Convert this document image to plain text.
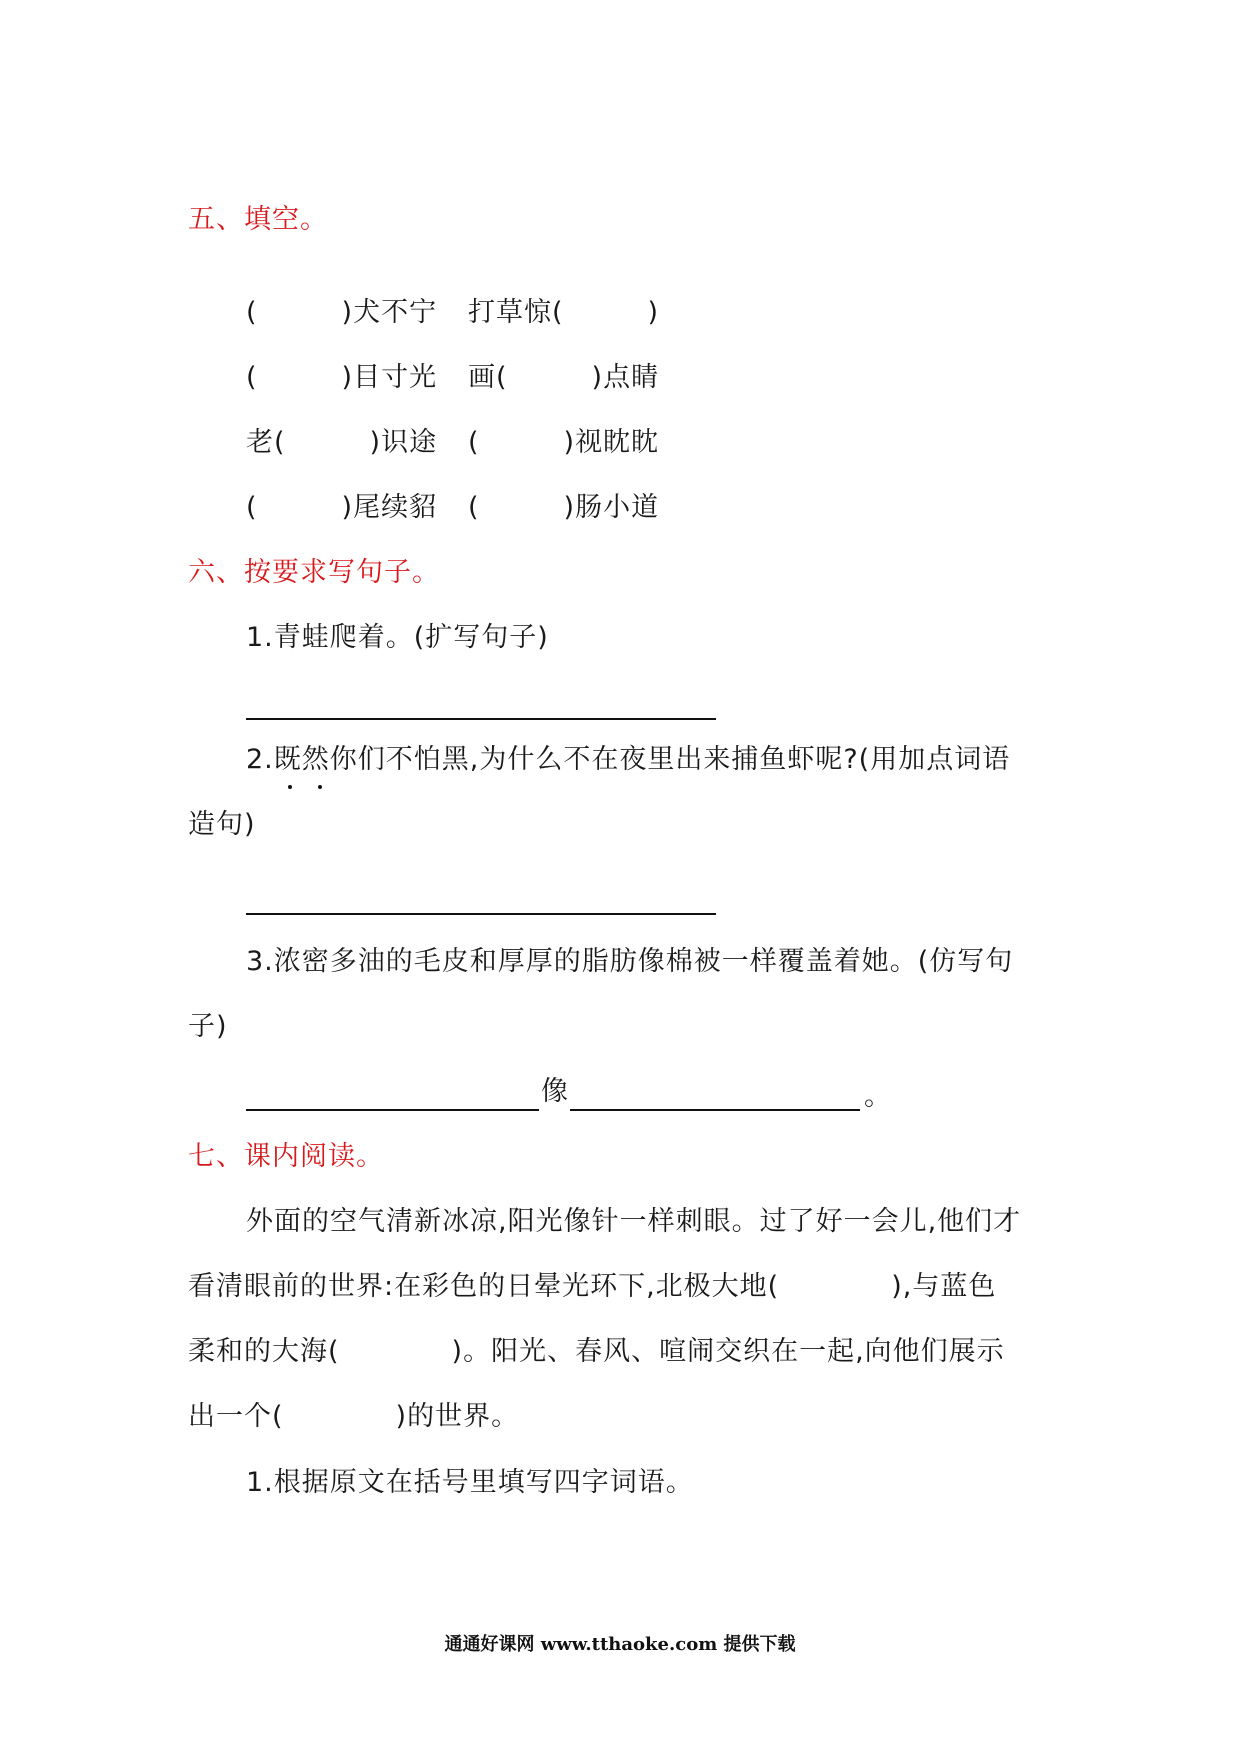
五、填空。
(　　　)犬不宁 打草惊(　　　)
(　　　)目寸光 画(　　　)点睛
老(　　　)识途 (　　　)视眈眈
(　　　)尾续貂 (　　　)肠小道
六、按要求写句子。
1.青蛙爬着。(扩写句子)
2.既然你们不怕黑,为什么不在夜里出来捕鱼虾呢?(用加点词语
造句)
3.浓密多油的毛皮和厚厚的脂肪像棉被一样覆盖着她。(仿写句
子)
像	。
七、课内阅读。
外面的空气清新冰凉,阳光像针一样刺眼。过了好一会儿,他们才
看清眼前的世界:在彩色的日晕光环下,北极大地(　　　　),与蓝色
柔和的大海(　　　　)。阳光、春风、喧闹交织在一起,向他们展示
出一个(　　　　)的世界。
1.根据原文在括号里填写四字词语。
通通好课网 www.tthaoke.com 提供下载
